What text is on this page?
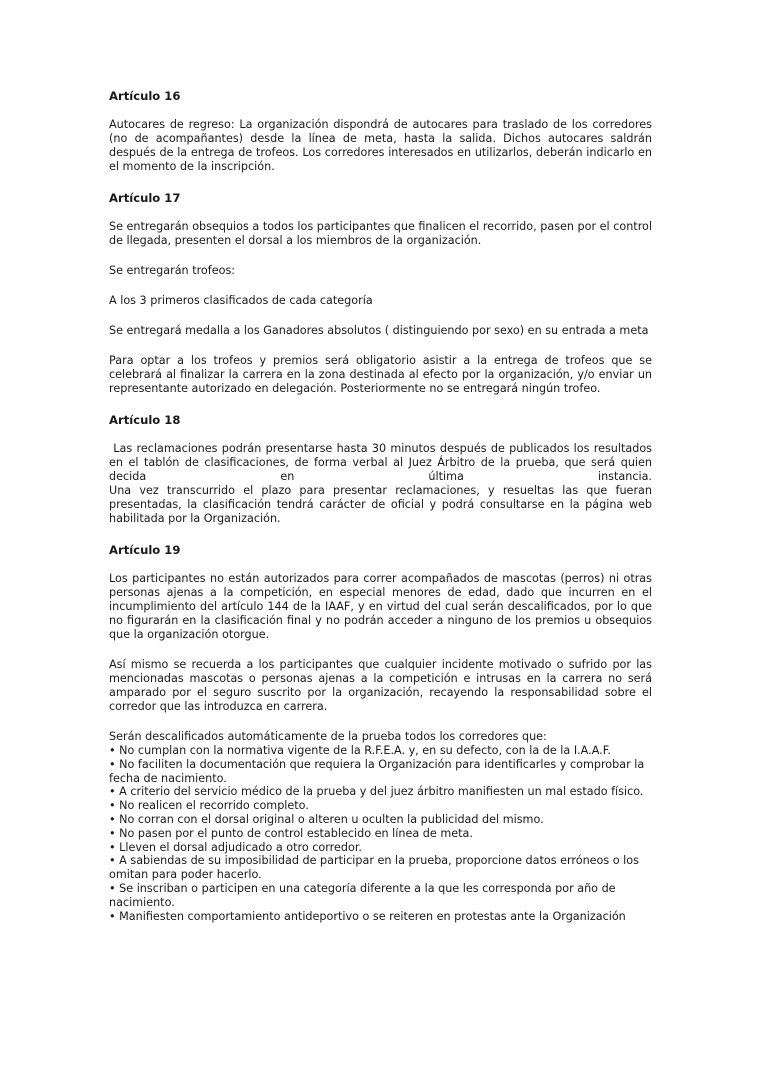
Artículo 16

Autocares de regreso: La organización dispondrá de autocares para traslado de los corredores (no de acompañantes) desde la línea de meta, hasta la salida. Dichos autocares saldrán después de la entrega de trofeos. Los corredores interesados en utilizarlos, deberán indicarlo en el momento de la inscripción.

Artículo 17

Se entregarán obsequios a todos los participantes que finalicen el recorrido, pasen por el control de llegada, presenten el dorsal a los miembros de la organización.

Se entregarán trofeos:

A los 3 primeros clasificados de cada categoría

Se entregará medalla a los Ganadores absolutos ( distinguiendo por sexo) en su entrada a meta

Para optar a los trofeos y premios será obligatorio asistir a la entrega de trofeos que se celebrará al finalizar la carrera en la zona destinada al efecto por la organización, y/o enviar un representante autorizado en delegación. Posteriormente no se entregará ningún trofeo.

Artículo 18

Las reclamaciones podrán presentarse hasta 30 minutos después de publicados los resultados en el tablón de clasificaciones, de forma verbal al Juez Árbitro de la prueba, que será quien decida en última instancia.

Una vez transcurrido el plazo para presentar reclamaciones, y resueltas las que fueran presentadas, la clasificación tendrá carácter de oficial y podrá consultarse en la página web habilitada por la Organización.

Artículo 19

Los participantes no están autorizados para correr acompañados de mascotas (perros) ni otras personas ajenas a la competición, en especial menores de edad, dado que incurren en el incumplimiento del artículo 144 de la IAAF, y en virtud del cual serán descalificados, por lo que no figurarán en la clasificación final y no podrán acceder a ninguno de los premios u obsequios que la organización otorgue.

Así mismo se recuerda a los participantes que cualquier incidente motivado o sufrido por las mencionadas mascotas o personas ajenas a la competición e intrusas en la carrera no será amparado por el seguro suscrito por la organización, recayendo la responsabilidad sobre el corredor que las introduzca en carrera.

Serán descalificados automáticamente de la prueba todos los corredores que:

• No cumplan con la normativa vigente de la R.F.E.A. y, en su defecto, con la de la I.A.A.F.
• No faciliten la documentación que requiera la Organización para identificarles y comprobar la fecha de nacimiento.
• A criterio del servicio médico de la prueba y del juez árbitro manifiesten un mal estado físico.
• No realicen el recorrido completo.
• No corran con el dorsal original o alteren u oculten la publicidad del mismo.
• No pasen por el punto de control establecido en línea de meta.
• Lleven el dorsal adjudicado a otro corredor.
• A sabiendas de su imposibilidad de participar en la prueba, proporcione datos erróneos o los omitan para poder hacerlo.
• Se inscriban o participen en una categoría diferente a la que les corresponda por año de nacimiento.
• Manifiesten comportamiento antideportivo o se reiteren en protestas ante la Organización
